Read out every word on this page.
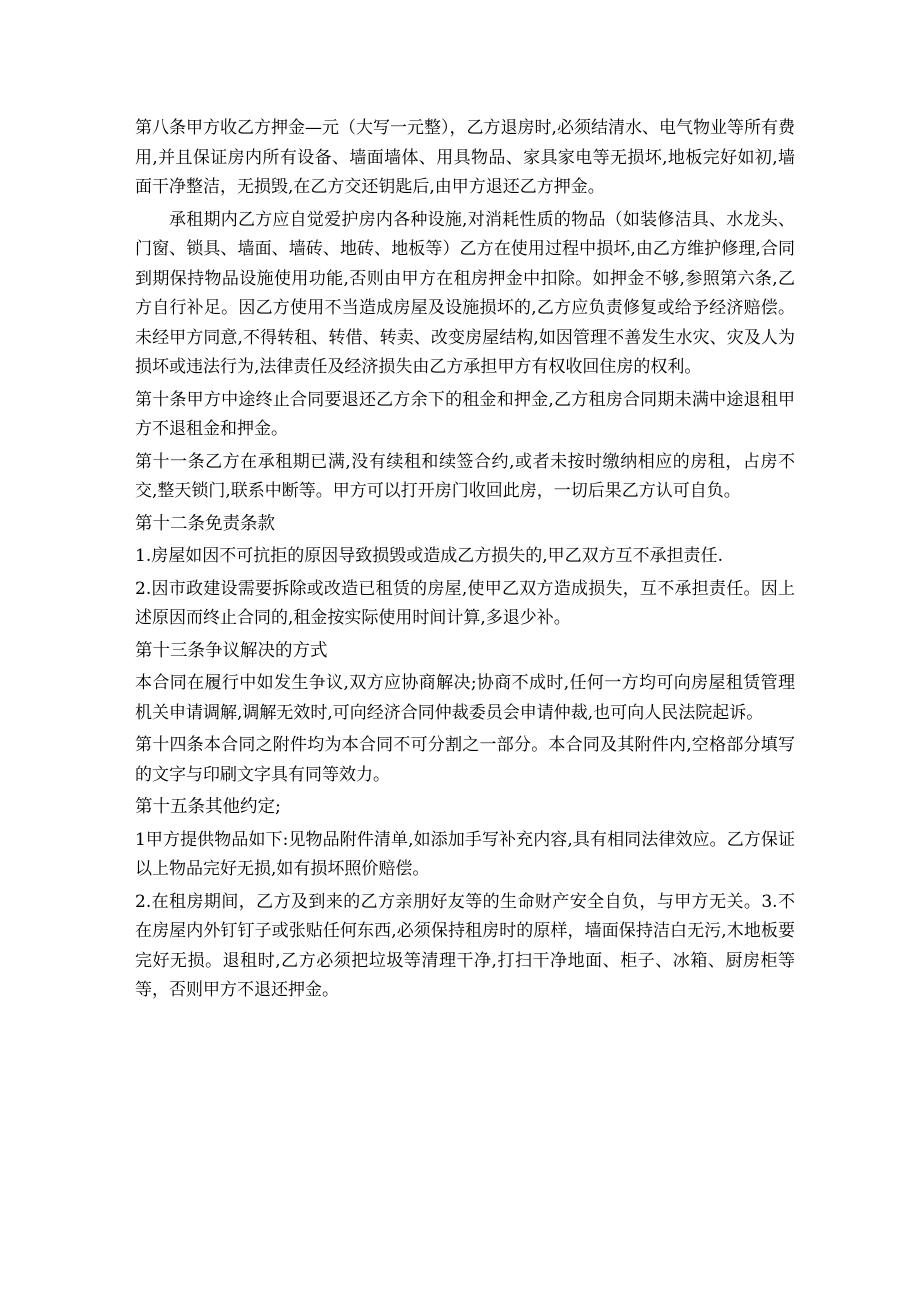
第八条甲方收乙方押金—元（大写一元整），乙方退房时,必须结清水、电气物业等所有费用,并且保证房内所有设备、墙面墙体、用具物品、家具家电等无损坏,地板完好如初,墙面干净整洁，无损毁,在乙方交还钥匙后,由甲方退还乙方押金。

承租期内乙方应自觉爱护房内各种设施,对消耗性质的物品（如装修洁具、水龙头、门窗、锁具、墙面、墙砖、地砖、地板等）乙方在使用过程中损坏,由乙方维护修理,合同到期保持物品设施使用功能,否则由甲方在租房押金中扣除。如押金不够,参照第六条,乙方自行补足。因乙方使用不当造成房屋及设施损坏的,乙方应负责修复或给予经济赔偿。未经甲方同意,不得转租、转借、转卖、改变房屋结构,如因管理不善发生水灾、灾及人为损坏或违法行为,法律责任及经济损失由乙方承担甲方有权收回住房的权利。

第十条甲方中途终止合同要退还乙方余下的租金和押金,乙方租房合同期未满中途退租甲方不退租金和押金。

第十一条乙方在承租期已满,没有续租和续签合约,或者未按时缴纳相应的房租，占房不交,整天锁门,联系中断等。甲方可以打开房门收回此房，一切后果乙方认可自负。

第十二条免责条款

1.房屋如因不可抗拒的原因导致损毁或造成乙方损失的,甲乙双方互不承担责任.

2.因市政建设需要拆除或改造已租赁的房屋,使甲乙双方造成损失，互不承担责任。因上述原因而终止合同的,租金按实际使用时间计算,多退少补。

第十三条争议解决的方式

本合同在履行中如发生争议,双方应协商解决;协商不成时,任何一方均可向房屋租赁管理机关申请调解,调解无效时,可向经济合同仲裁委员会申请仲裁,也可向人民法院起诉。

第十四条本合同之附件均为本合同不可分割之一部分。本合同及其附件内,空格部分填写的文字与印刷文字具有同等效力。

第十五条其他约定;

1甲方提供物品如下:见物品附件清单,如添加手写补充内容,具有相同法律效应。乙方保证以上物品完好无损,如有损坏照价赔偿。

2.在租房期间，乙方及到来的乙方亲朋好友等的生命财产安全自负，与甲方无关。3.不在房屋内外钉钉子或张贴任何东西,必须保持租房时的原样，墙面保持洁白无污,木地板要完好无损。退租时,乙方必须把垃圾等清理干净,打扫干净地面、柜子、冰箱、厨房柜等等，否则甲方不退还押金。
